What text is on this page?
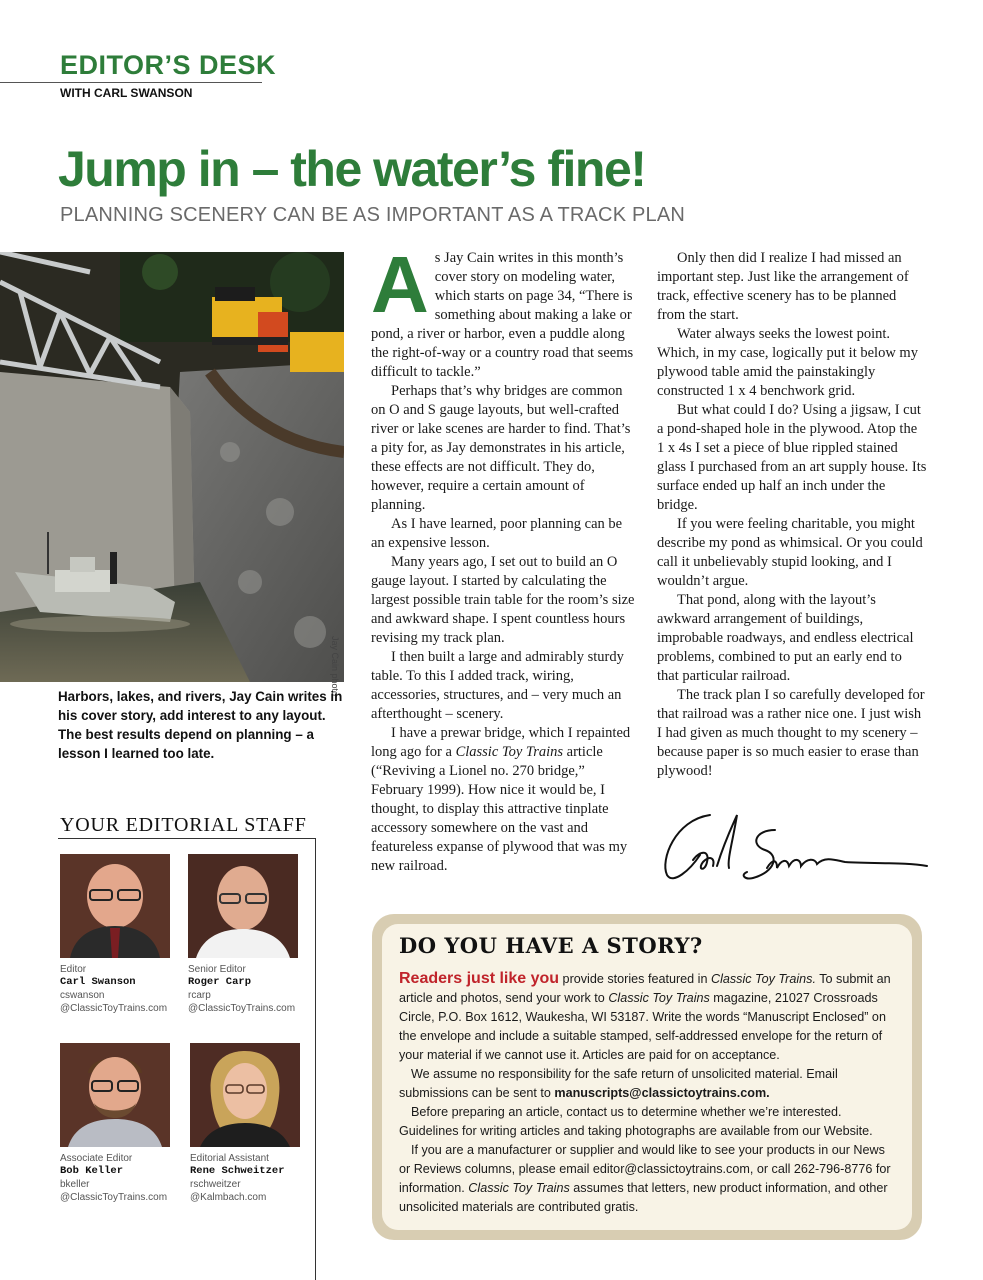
EDITOR’S DESK
WITH CARL SWANSON
Jump in – the water’s fine!
PLANNING SCENERY CAN BE AS IMPORTANT AS A TRACK PLAN
Jay Cain photo
Harbors, lakes, and rivers, Jay Cain writes in his cover story, add interest to any layout. The best results depend on planning – a lesson I learned too late.
A s Jay Cain writes in this month’s cover story on modeling water, which starts on page 34, “There is something about making a lake or pond, a river or harbor, even a puddle along the right-of-way or a country road that seems difficult to tackle.”

Perhaps that’s why bridges are common on O and S gauge layouts, but well-crafted river or lake scenes are harder to find. That’s a pity for, as Jay demonstrates in his article, these effects are not difficult. They do, however, require a certain amount of planning.

As I have learned, poor planning can be an expensive lesson.

Many years ago, I set out to build an O gauge layout. I started by calculating the largest possible train table for the room’s size and awkward shape. I spent countless hours revising my track plan.

I then built a large and admirably sturdy table. To this I added track, wiring, accessories, structures, and – very much an afterthought – scenery.

I have a prewar bridge, which I repainted long ago for a Classic Toy Trains article (“Reviving a Lionel no. 270 bridge,” February 1999). How nice it would be, I thought, to display this attractive tinplate accessory somewhere on the vast and featureless expanse of plywood that was my new railroad.

Only then did I realize I had missed an important step. Just like the arrangement of track, effective scenery has to be planned from the start.

Water always seeks the lowest point. Which, in my case, logically put it below my plywood table amid the painstakingly constructed 1 x 4 benchwork grid.

But what could I do? Using a jigsaw, I cut a pond-shaped hole in the plywood. Atop the 1 x 4s I set a piece of blue rippled stained glass I purchased from an art supply house. Its surface ended up half an inch under the bridge.

If you were feeling charitable, you might describe my pond as whimsical. Or you could call it unbelievably stupid looking, and I wouldn’t argue.

That pond, along with the layout’s awkward arrangement of buildings, improbable roadways, and endless electrical problems, combined to put an early end to that particular railroad.

The track plan I so carefully developed for that railroad was a rather nice one. I just wish I had given as much thought to my scenery – because paper is so much easier to erase than plywood!

YOUR EDITORIAL STAFF
Editor
Carl Swanson
cswanson
@ClassicToyTrains.com
Senior Editor
Roger Carp
rcarp
@ClassicToyTrains.com
Associate Editor
Bob Keller
bkeller
@ClassicToyTrains.com
Editorial Assistant
Rene Schweitzer
rschweitzer
@Kalmbach.com
DO YOU HAVE A STORY?

Readers just like you provide stories featured in Classic Toy Trains. To submit an article and photos, send your work to Classic Toy Trains magazine, 21027 Crossroads Circle, P.O. Box 1612, Waukesha, WI 53187. Write the words “Manuscript Enclosed” on the envelope and include a suitable stamped, self-addressed envelope for the return of your material if we cannot use it. Articles are paid for on acceptance.

We assume no responsibility for the safe return of unsolicited material. Email submissions can be sent to manuscripts@classictoytrains.com.

Before preparing an article, contact us to determine whether we’re interested. Guidelines for writing articles and taking photographs are available from our Website.

If you are a manufacturer or supplier and would like to see your products in our News or Reviews columns, please email editor@classictoytrains.com, or call 262-796-8776 for information. Classic Toy Trains assumes that letters, new product information, and other unsolicited materials are contributed gratis.
